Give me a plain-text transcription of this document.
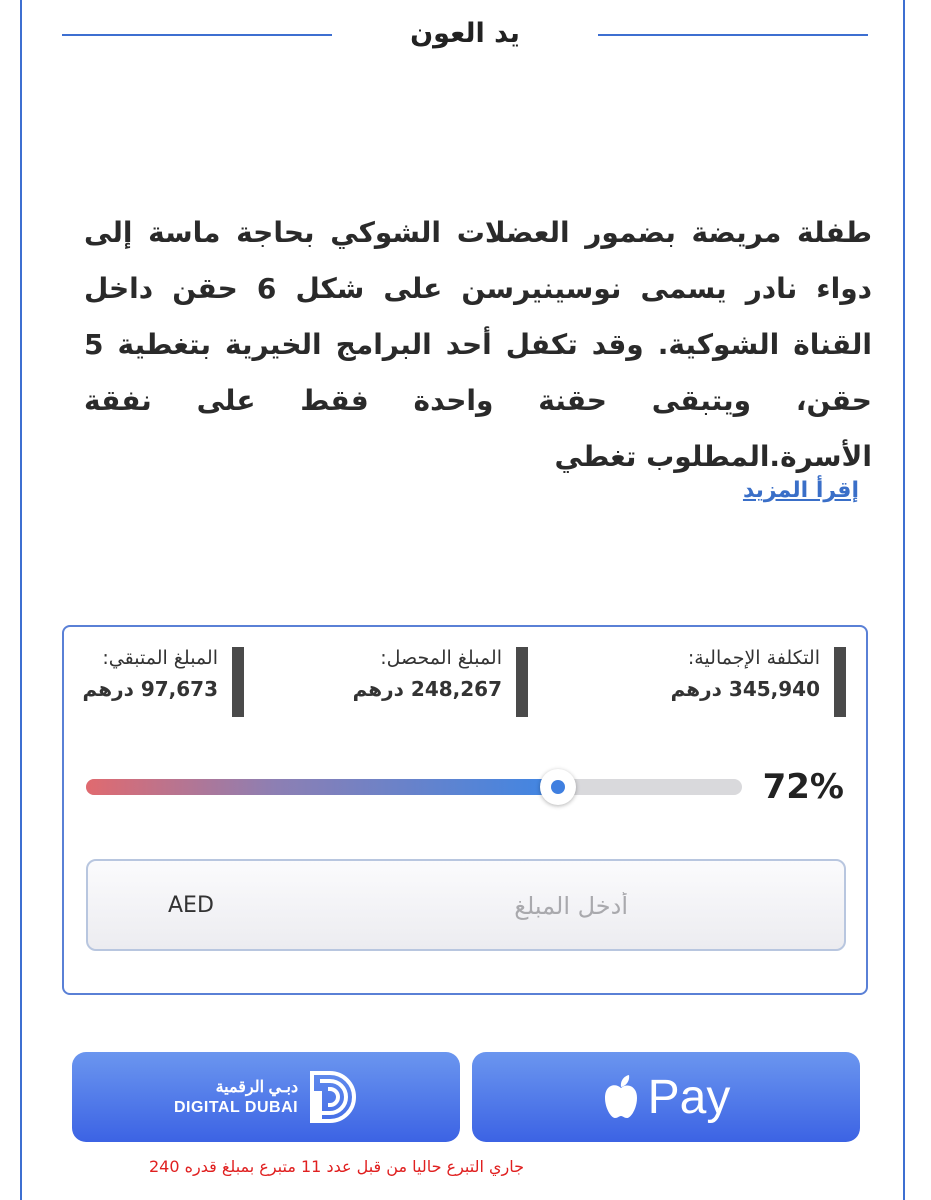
يد العون

طفلة مريضة بضمور العضلات الشوكي بحاجة ماسة إلى دواء نادر يسمى نوسينيرسن على شكل 6 حقن داخل القناة الشوكية. وقد تكفل أحد البرامج الخيرية بتغطية 5 حقن، ويتبقى حقنة واحدة فقط على نفقة الأسرة.المطلوب تغطي

إقرأ المزيد
التكلفة الإجمالية:
345,940 درهم
المبلغ المحصل:
248,267 درهم
المبلغ المتبقي:
97,673 درهم
72%
أدخل المبلغ
AED
دبـي الرقمية
DIGITAL DUBAI	Pay
جاري التبرع حاليا من قبل عدد 11 متبرع بمبلغ قدره 240
